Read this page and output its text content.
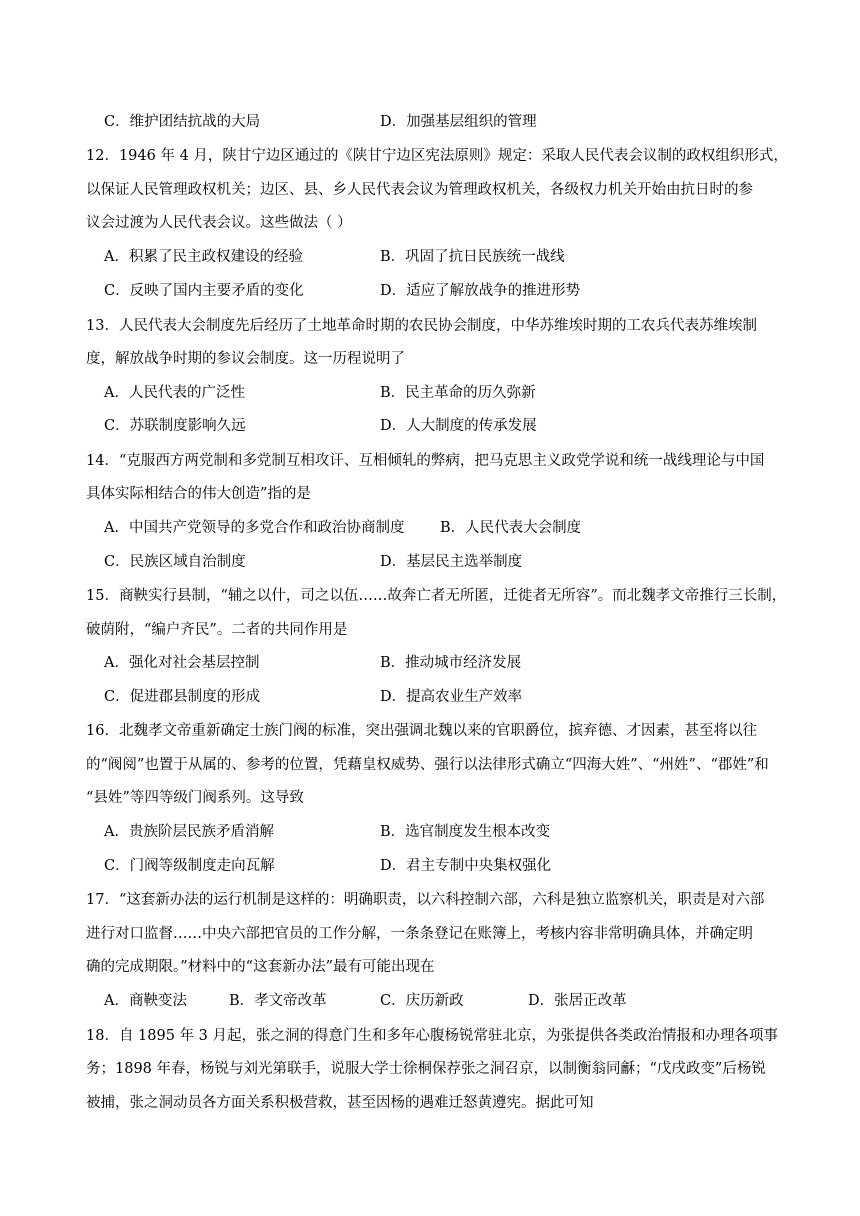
C．维护团结抗战的大局	D．加强基层组织的管理
12．1946 年 4 月，陕甘宁边区通过的《陕甘宁边区宪法原则》规定：采取人民代表会议制的政权组织形式，
以保证人民管理政权机关；边区、县、乡人民代表会议为管理政权机关，各级权力机关开始由抗日时的参
议会过渡为人民代表会议。这些做法（ ）
A．积累了民主政权建设的经验	B．巩固了抗日民族统一战线
C．反映了国内主要矛盾的变化	D．适应了解放战争的推进形势
13．人民代表大会制度先后经历了土地革命时期的农民协会制度，中华苏维埃时期的工农兵代表苏维埃制
度，解放战争时期的参议会制度。这一历程说明了
A．人民代表的广泛性	B．民主革命的历久弥新
C．苏联制度影响久远	D．人大制度的传承发展
14．“克服西方两党制和多党制互相攻讦、互相倾轧的弊病，把马克思主义政党学说和统一战线理论与中国
具体实际相结合的伟大创造”指的是
A．中国共产党领导的多党合作和政治协商制度 B．人民代表大会制度
C．民族区域自治制度	D．基层民主选举制度
15．商鞅实行县制，“辅之以什，司之以伍……故奔亡者无所匿，迁徙者无所容”。而北魏孝文帝推行三长制，
破荫附，“编户齐民”。二者的共同作用是
A．强化对社会基层控制	B．推动城市经济发展
C．促进郡县制度的形成	D．提高农业生产效率
16．北魏孝文帝重新确定士族门阀的标准，突出强调北魏以来的官职爵位，摈弃德、才因素，甚至将以往
的“阀阅”也置于从属的、参考的位置，凭藉皇权威势、强行以法律形式确立“四海大姓”、“州姓”、“郡姓”和
“县姓”等四等级门阀系列。这导致
A．贵族阶层民族矛盾消解	B．选官制度发生根本改变
C．门阀等级制度走向瓦解	D．君主专制中央集权强化
17．“这套新办法的运行机制是这样的：明确职责，以六科控制六部，六科是独立监察机关，职责是对六部
进行对口监督……中央六部把官员的工作分解，一条条登记在账簿上，考核内容非常明确具体，并确定明
确的完成期限。”材料中的“这套新办法”最有可能出现在
A．商鞅变法	B．孝文帝改革	C．庆历新政	D．张居正改革
18．自 1895 年 3 月起，张之洞的得意门生和多年心腹杨锐常驻北京，为张提供各类政治情报和办理各项事
务；1898 年春，杨锐与刘光第联手，说服大学士徐桐保荐张之洞召京，以制衡翁同龢；“戊戌政变”后杨锐
被捕，张之洞动员各方面关系积极营救，甚至因杨的遇难迁怒黄遵宪。据此可知
